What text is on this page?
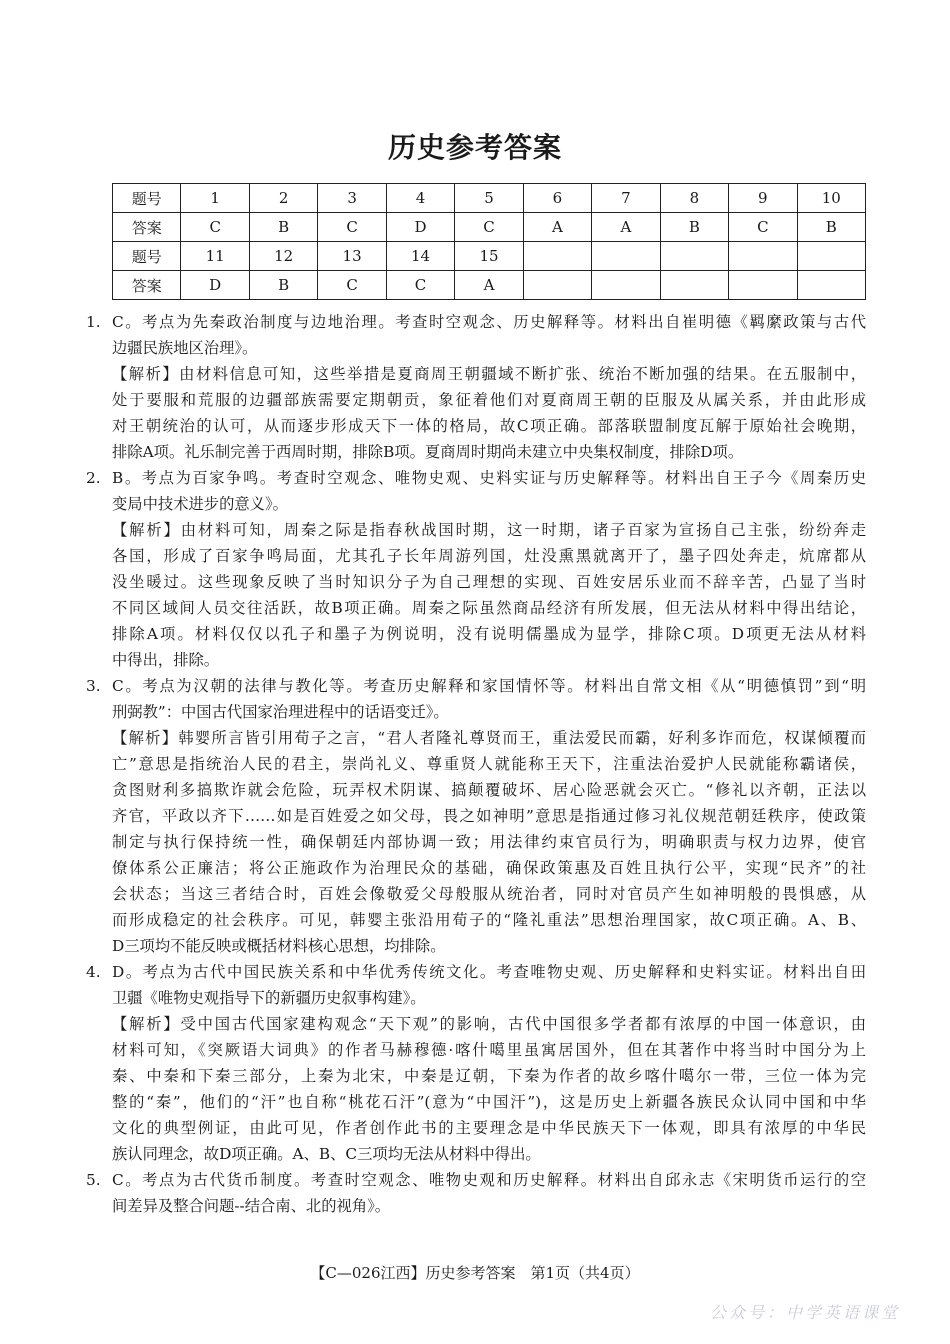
历史参考答案
题号	1	2	3	4	5	6	7	8	9	10
答案	C	B	C	D	C	A	A	B	C	B
题号	11	12	13	14	15					
答案	D	B	C	C	A					
1. C。考点为先秦政治制度与边地治理。考查时空观念、历史解释等。材料出自崔明德《羁縻政策与古代
边疆民族地区治理》。
【解析】由材料信息可知，这些举措是夏商周王朝疆域不断扩张、统治不断加强的结果。在五服制中，
处于要服和荒服的边疆部族需要定期朝贡，象征着他们对夏商周王朝的臣服及从属关系，并由此形成
对王朝统治的认可，从而逐步形成天下一体的格局，故C项正确。部落联盟制度瓦解于原始社会晚期，
排除A项。礼乐制完善于西周时期，排除B项。夏商周时期尚未建立中央集权制度，排除D项。
2. B。考点为百家争鸣。考查时空观念、唯物史观、史料实证与历史解释等。材料出自王子今《周秦历史
变局中技术进步的意义》。
【解析】由材料可知，周秦之际是指春秋战国时期，这一时期，诸子百家为宣扬自己主张，纷纷奔走
各国，形成了百家争鸣局面，尤其孔子长年周游列国，灶没熏黑就离开了，墨子四处奔走，炕席都从
没坐暖过。这些现象反映了当时知识分子为自己理想的实现、百姓安居乐业而不辞辛苦，凸显了当时
不同区域间人员交往活跃，故B项正确。周秦之际虽然商品经济有所发展，但无法从材料中得出结论，
排除A项。材料仅仅以孔子和墨子为例说明，没有说明儒墨成为显学，排除C项。D项更无法从材料
中得出，排除。
3. C。考点为汉朝的法律与教化等。考查历史解释和家国情怀等。材料出自常文相《从“明德慎罚”到“明
刑弼教”：中国古代国家治理进程中的话语变迁》。
【解析】韩婴所言皆引用荀子之言，“君人者隆礼尊贤而王，重法爱民而霸，好利多诈而危，权谋倾覆而
亡”意思是指统治人民的君主，崇尚礼义、尊重贤人就能称王天下，注重法治爱护人民就能称霸诸侯，
贪图财利多搞欺诈就会危险，玩弄权术阴谋、搞颠覆破坏、居心险恶就会灭亡。“修礼以齐朝，正法以
齐官，平政以齐下……如是百姓爱之如父母，畏之如神明”意思是指通过修习礼仪规范朝廷秩序，使政策
制定与执行保持统一性，确保朝廷内部协调一致；用法律约束官员行为，明确职责与权力边界，使官
僚体系公正廉洁；将公正施政作为治理民众的基础，确保政策惠及百姓且执行公平，实现“民齐”的社
会状态；当这三者结合时，百姓会像敬爱父母般服从统治者，同时对官员产生如神明般的畏惧感，从
而形成稳定的社会秩序。可见，韩婴主张沿用荀子的“隆礼重法”思想治理国家，故C项正确。A、B、
D三项均不能反映或概括材料核心思想，均排除。
4. D。考点为古代中国民族关系和中华优秀传统文化。考查唯物史观、历史解释和史料实证。材料出自田
卫疆《唯物史观指导下的新疆历史叙事构建》。
【解析】受中国古代国家建构观念“天下观”的影响，古代中国很多学者都有浓厚的中国一体意识，由
材料可知，《突厥语大词典》的作者马赫穆德·喀什噶里虽寓居国外，但在其著作中将当时中国分为上
秦、中秦和下秦三部分，上秦为北宋，中秦是辽朝，下秦为作者的故乡喀什噶尔一带，三位一体为完
整的“秦”，他们的“汗”也自称“桃花石汗”(意为“中国汗”)，这是历史上新疆各族民众认同中国和中华
文化的典型例证，由此可见，作者创作此书的主要理念是中华民族天下一体观，即具有浓厚的中华民
族认同理念，故D项正确。A、B、C三项均无法从材料中得出。
5. C。考点为古代货币制度。考查时空观念、唯物史观和历史解释。材料出自邱永志《宋明货币运行的空
间差异及整合问题--结合南、北的视角》。
【C—026江西】历史参考答案　第1页（共4页）
公众号：中学英语课堂
